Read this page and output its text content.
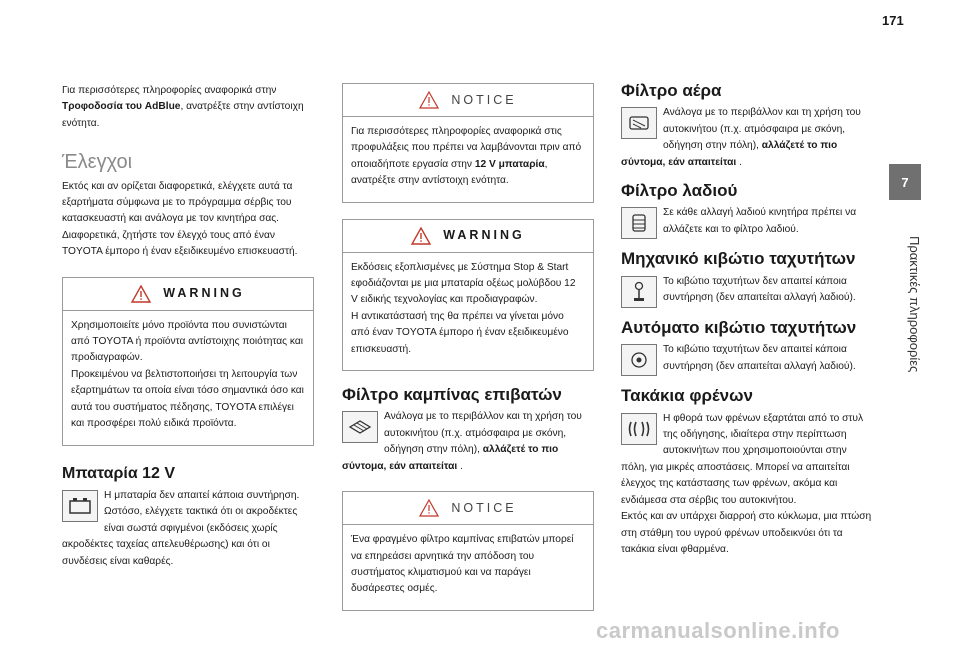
171
7
Πρακτικές πληροφορίες

Για περισσότερες πληροφορίες αναφορικά στην Τροφοδοσία του AdBlue, ανατρέξτε στην αντίστοιχη ενότητα.

Έλεγχοι

Εκτός και αν ορίζεται διαφορετικά, ελέγχετε αυτά τα εξαρτήματα σύμφωνα με το πρόγραμμα σέρβις του κατασκευαστή και ανάλογα με τον κινητήρα σας. Διαφορετικά, ζητήστε τον έλεγχό τους από έναν TOYOTA έμπορο ή έναν εξειδικευμένο επισκευαστή.

WARNING

Χρησιμοποιείτε μόνο προϊόντα που συνιστώνται από TOYOTA ή προϊόντα αντίστοιχης ποιότητας και προδιαγραφών.

Προκειμένου να βελτιστοποιήσει τη λειτουργία των εξαρτημάτων τα οποία είναι τόσο σημαντικά όσο και αυτά του συστήματος πέδησης, TOYOTA επιλέγει και προσφέρει πολύ ειδικά προϊόντα.

Μπαταρία 12 V

Η μπαταρία δεν απαιτεί κάποια συντήρηση. Ωστόσο, ελέγχετε τακτικά ότι οι ακροδέκτες είναι σωστά σφιγμένοι (εκδόσεις χωρίς ακροδέκτες ταχείας απελευθέρωσης) και ότι οι συνδέσεις είναι καθαρές.

NOTICE

Για περισσότερες πληροφορίες αναφορικά στις προφυλάξεις που πρέπει να λαμβάνονται πριν από οποιαδήποτε εργασία στην 12 V μπαταρία, ανατρέξτε στην αντίστοιχη ενότητα.

WARNING

Εκδόσεις εξοπλισμένες με Σύστημα Stop & Start εφοδιάζονται με μια μπαταρία οξέως μολύβδου 12 V ειδικής τεχνολογίας και προδιαγραφών.

Η αντικατάστασή της θα πρέπει να γίνεται μόνο από έναν TOYOTA έμπορο ή έναν εξειδικευμένο επισκευαστή.

Φίλτρο καμπίνας επιβατών

Ανάλογα με το περιβάλλον και τη χρήση του αυτοκινήτου (π.χ. ατμόσφαιρα με σκόνη, οδήγηση στην πόλη), αλλάζετέ το πιο σύντομα, εάν απαιτείται .

NOTICE

Ένα φραγμένο φίλτρο καμπίνας επιβατών μπορεί να επηρεάσει αρνητικά την απόδοση του συστήματος κλιματισμού και να παράγει δυσάρεστες οσμές.

Φίλτρο αέρα

Ανάλογα με το περιβάλλον και τη χρήση του αυτοκινήτου (π.χ. ατμόσφαιρα με σκόνη, οδήγηση στην πόλη), αλλάζετέ το πιο σύντομα, εάν απαιτείται .

Φίλτρο λαδιού

Σε κάθε αλλαγή λαδιού κινητήρα πρέπει να αλλάζετε και το φίλτρο λαδιού.

Μηχανικό κιβώτιο ταχυτήτων

Το κιβώτιο ταχυτήτων δεν απαιτεί κάποια συντήρηση (δεν απαιτείται αλλαγή λαδιού).

Αυτόματο κιβώτιο ταχυτήτων

Το κιβώτιο ταχυτήτων δεν απαιτεί κάποια συντήρηση (δεν απαιτείται αλλαγή λαδιού).

Τακάκια φρένων

Η φθορά των φρένων εξαρτάται από το στυλ της οδήγησης, ιδιαίτερα στην περίπτωση αυτοκινήτων που χρησιμοποιούνται στην πόλη, για μικρές αποστάσεις. Μπορεί να απαιτείται έλεγχος της κατάστασης των φρένων, ακόμα και ενδιάμεσα στα σέρβις του αυτοκινήτου.

Εκτός και αν υπάρχει διαρροή στο κύκλωμα, μια πτώση στη στάθμη του υγρού φρένων υποδεικνύει ότι τα τακάκια είναι φθαρμένα.

carmanualsonline.info
